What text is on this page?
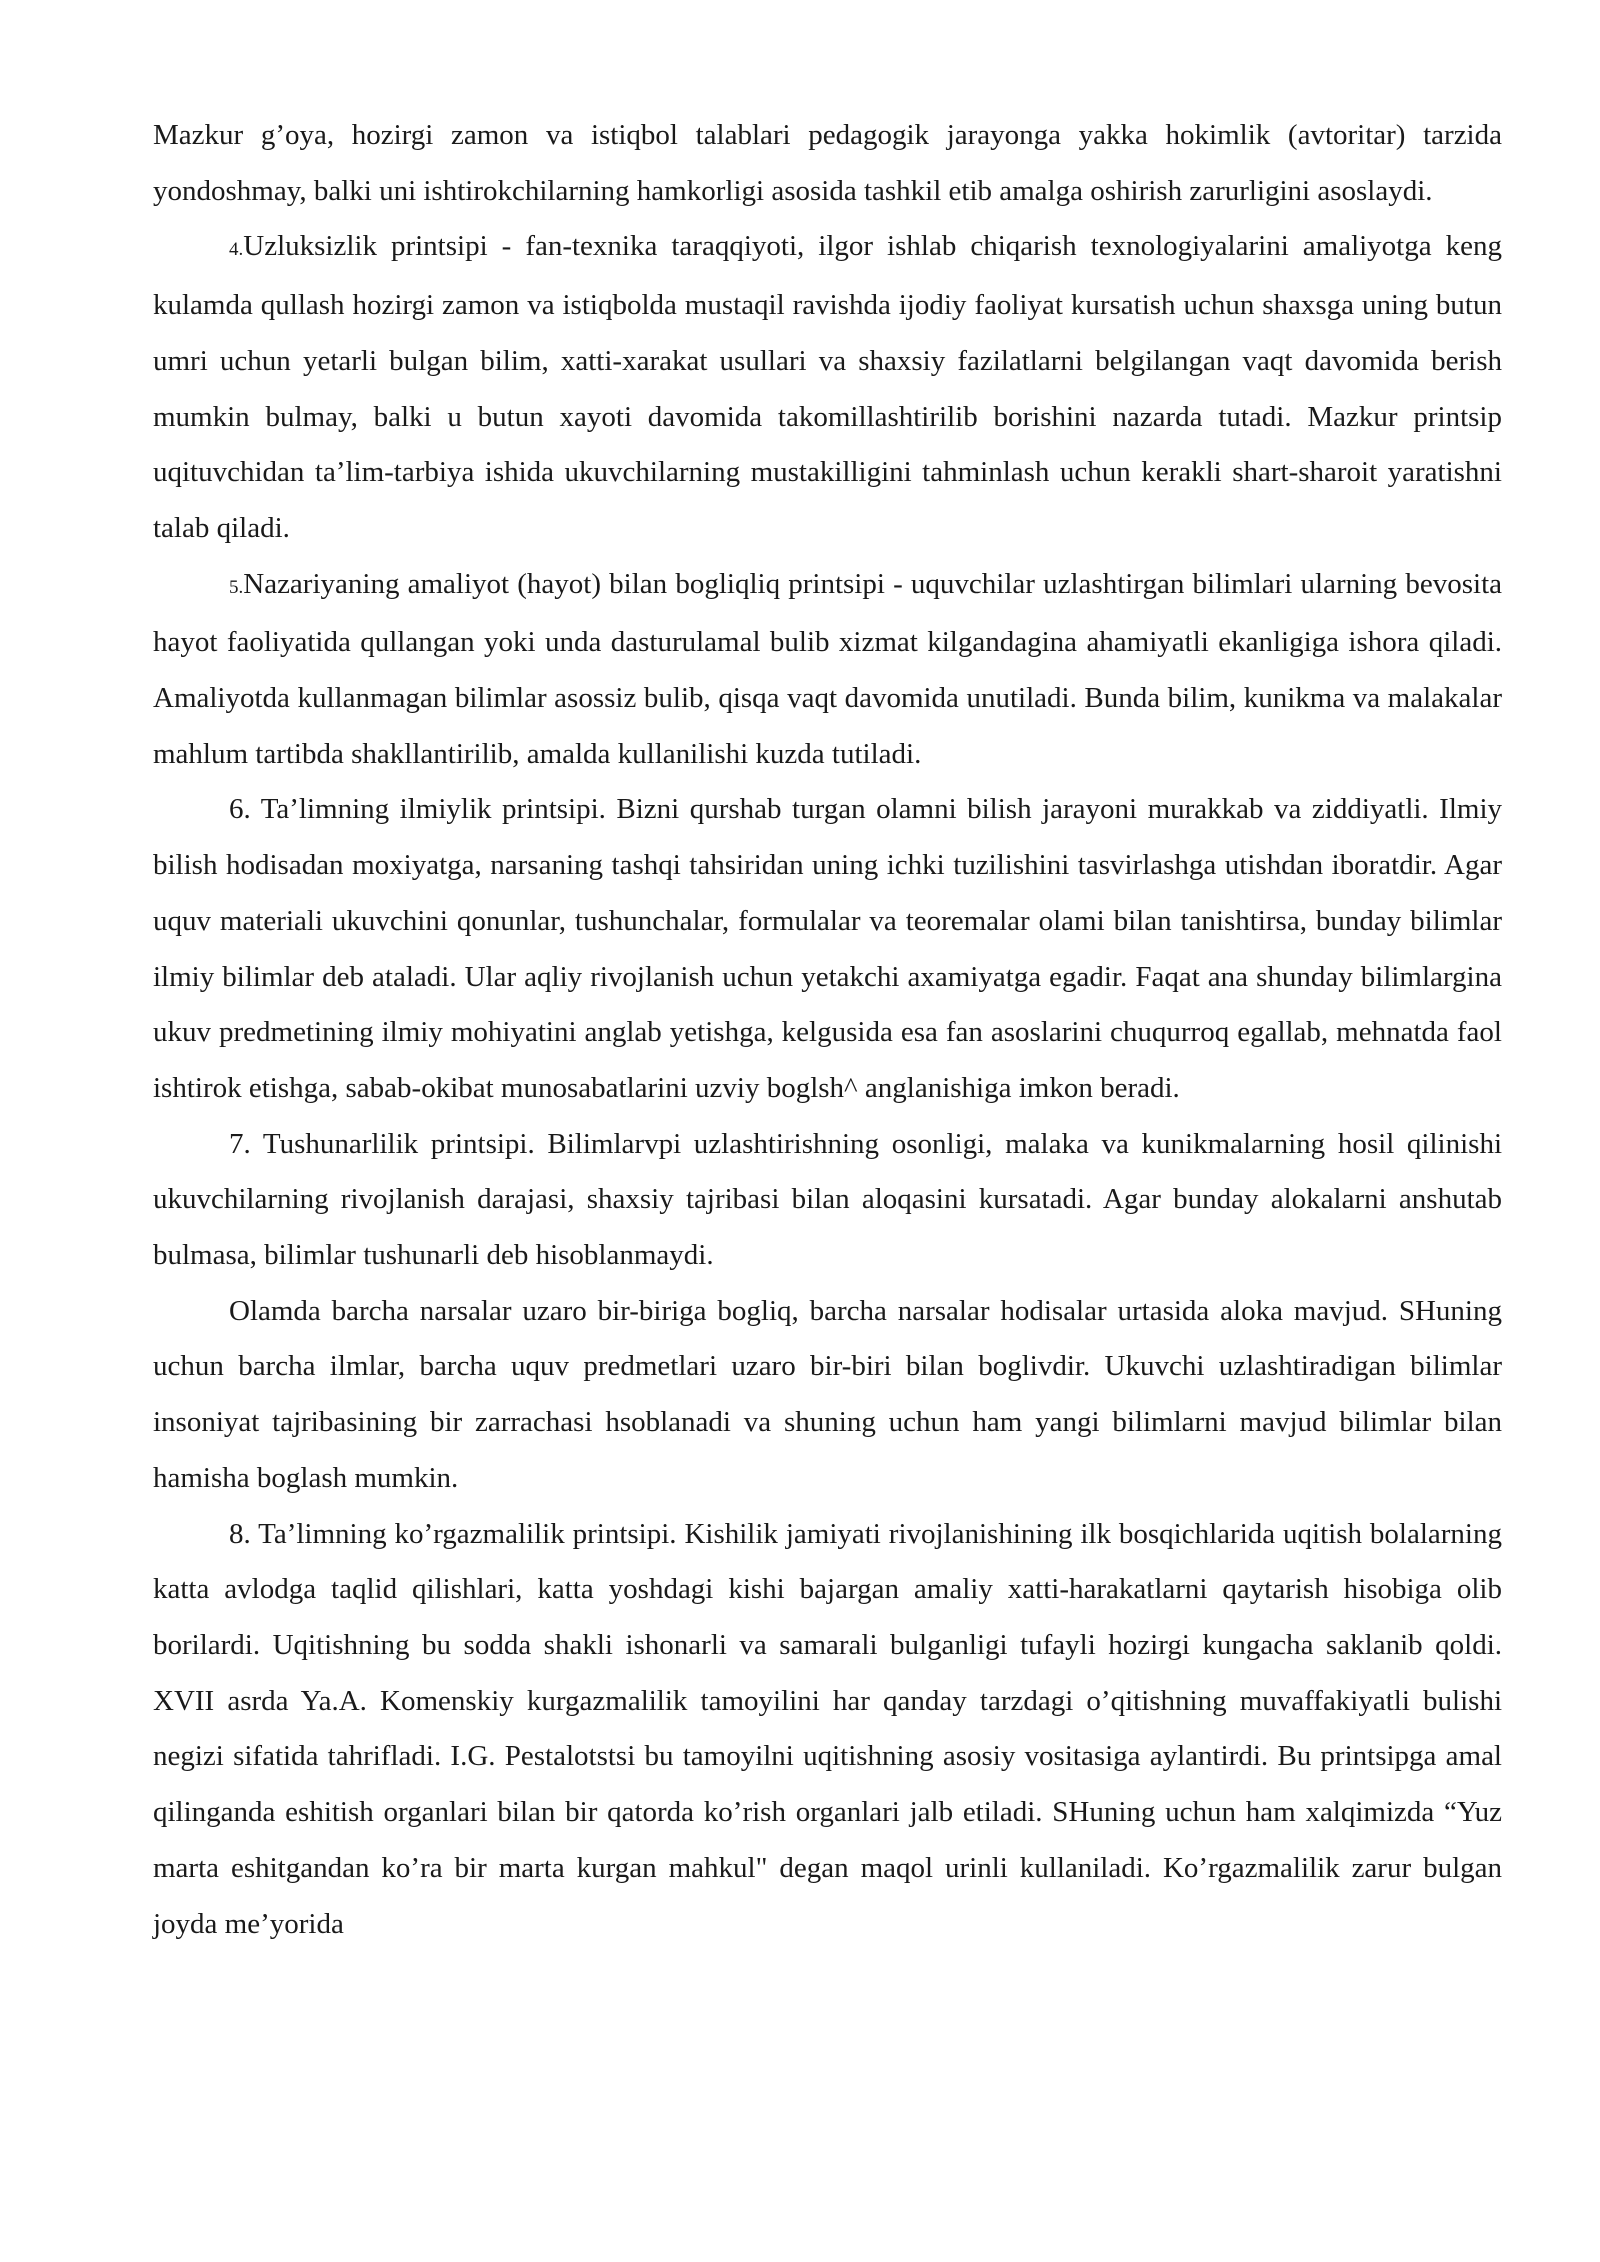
Mazkur g’oya, hozirgi zamon va istiqbol talablari pedagogik jarayonga yakka hokimlik (avtoritar) tarzida yondoshmay, balki uni ishtirokchilarning hamkorligi asosida tashkil etib amalga oshirish zarurligini asoslaydi.

4.Uzluksizlik printsipi - fan-texnika taraqqiyoti, ilgor ishlab chiqarish texnologiyalarini amaliyotga keng kulamda qullash hozirgi zamon va istiqbolda mustaqil ravishda ijodiy faoliyat kursatish uchun shaxsga uning butun umri uchun yetarli bulgan bilim, xatti-xarakat usullari va shaxsiy fazilatlarni belgilangan vaqt davomida berish mumkin bulmay, balki u butun xayoti davomida takomillashtirilib borishini nazarda tutadi. Mazkur printsip uqituvchidan ta’lim-tarbiya ishida ukuvchilarning mustakilligini tahminlash uchun kerakli shart-sharoit yaratishni talab qiladi.

5.Nazariyaning amaliyot (hayot) bilan bogliqliq printsipi - uquvchilar uzlashtirgan bilimlari ularning bevosita hayot faoliyatida qullangan yoki unda dasturulamal bulib xizmat kilgandagina ahamiyatli ekanligiga ishora qiladi. Amaliyotda kullanmagan bilimlar asossiz bulib, qisqa vaqt davomida unutiladi. Bunda bilim, kunikma va malakalar mahlum tartibda shakllantirilib, amalda kullanilishi kuzda tutiladi.

6. Ta’limning ilmiylik printsipi. Bizni qurshab turgan olamni bilish jarayoni murakkab va ziddiyatli. Ilmiy bilish hodisadan moxiyatga, narsaning tashqi tahsiridan uning ichki tuzilishini tasvirlashga utishdan iboratdir. Agar uquv materiali ukuvchini qonunlar, tushunchalar, formulalar va teoremalar olami bilan tanishtirsa, bunday bilimlar ilmiy bilimlar deb ataladi. Ular aqliy rivojlanish uchun yetakchi axamiyatga egadir. Faqat ana shunday bilimlargina ukuv predmetining ilmiy mohiyatini anglab yetishga, kelgusida esa fan asoslarini chuqurroq egallab, mehnatda faol ishtirok etishga, sabab-okibat munosabatlarini uzviy boglsh^ anglanishiga imkon beradi.

7. Tushunarlilik printsipi. Bilimlarvpi uzlashtirishning osonligi, malaka va kunikmalarning hosil qilinishi ukuvchilarning rivojlanish darajasi, shaxsiy tajribasi bilan aloqasini kursatadi. Agar bunday alokalarni anshutab bulmasa, bilimlar tushunarli deb hisoblanmaydi.

Olamda barcha narsalar uzaro bir-biriga bogliq, barcha narsalar hodisalar urtasida aloka mavjud. SHuning uchun barcha ilmlar, barcha uquv predmetlari uzaro bir-biri bilan boglivdir. Ukuvchi uzlashtiradigan bilimlar insoniyat tajribasining bir zarrachasi hsoblanadi va shuning uchun ham yangi bilimlarni mavjud bilimlar bilan hamisha boglash mumkin.

8. Ta’limning ko’rgazmalilik printsipi. Kishilik jamiyati rivojlanishining ilk bosqichlarida uqitish bolalarning katta avlodga taqlid qilishlari, katta yoshdagi kishi bajargan amaliy xatti-harakatlarni qaytarish hisobiga olib borilardi. Uqitishning bu sodda shakli ishonarli va samarali bulganligi tufayli hozirgi kungacha saklanib qoldi. XVII asrda Ya.A. Komenskiy kurgazmalilik tamoyilini har qanday tarzdagi o’qitishning muvaffakiyatli bulishi negizi sifatida tahrifladi. I.G. Pestalotstsi bu tamoyilni uqitishning asosiy vositasiga aylantirdi. Bu printsipga amal qilinganda eshitish organlari bilan bir qatorda ko’rish organlari jalb etiladi. SHuning uchun ham xalqimizda “Yuz marta eshitgandan ko’ra bir marta kurgan mahkul" degan maqol urinli kullaniladi. Ko’rgazmalilik zarur bulgan joyda me’yorida
